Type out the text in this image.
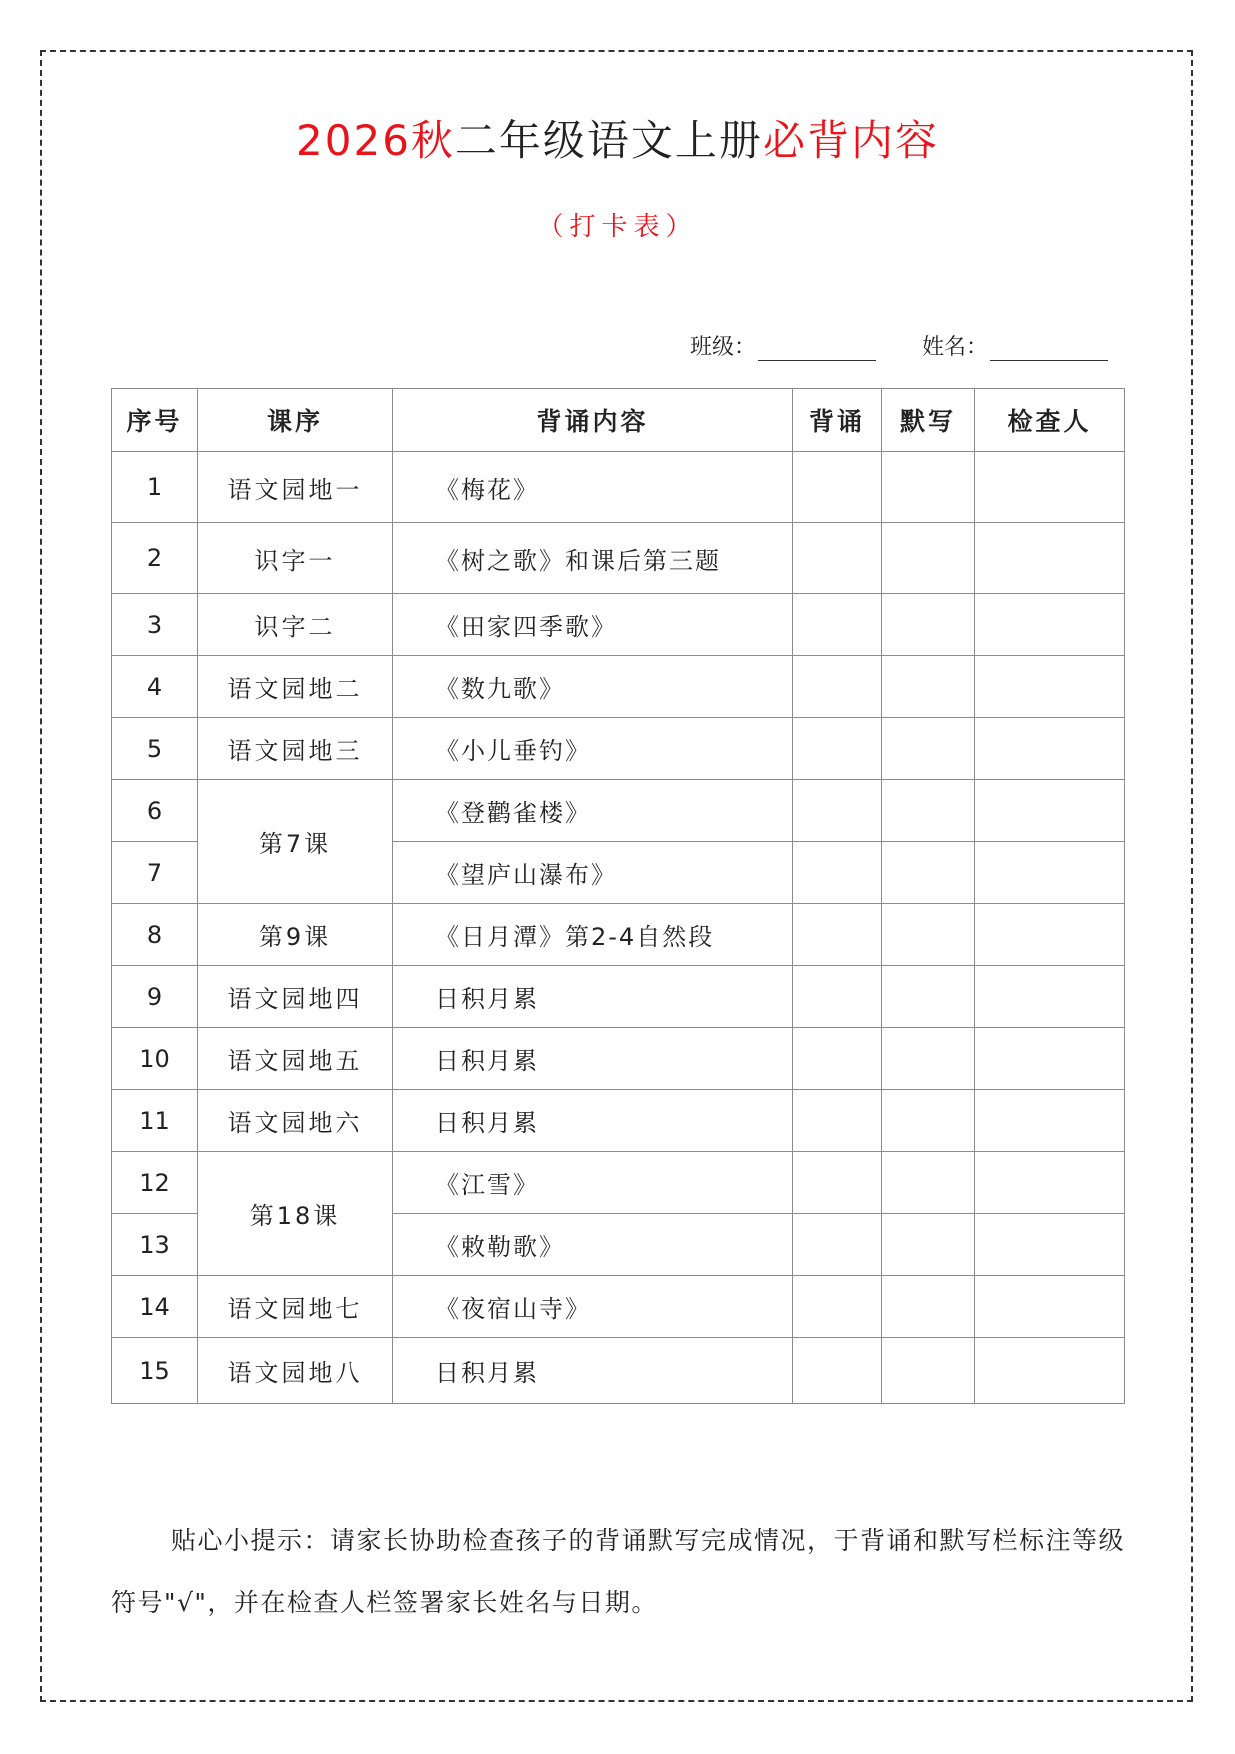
2026秋二年级语文上册必背内容
（打卡表）
班级：	姓名：
序号	课序	背诵内容	背诵	默写	检查人
1	语文园地一	《梅花》			
2	识字一	《树之歌》和课后第三题			
3	识字二	《田家四季歌》			
4	语文园地二	《数九歌》			
5	语文园地三	《小儿垂钓》			
6	第7课	《登鹳雀楼》			
7		《望庐山瀑布》			
8	第9课	《日月潭》第2-4自然段			
9	语文园地四	日积月累			
10	语文园地五	日积月累			
11	语文园地六	日积月累			
12	第18课	《江雪》			
13		《敕勒歌》			
14	语文园地七	《夜宿山寺》			
15	语文园地八	日积月累			
贴心小提示：请家长协助检查孩子的背诵默写完成情况，于背诵和默写栏标注等级符号"√"，并在检查人栏签署家长姓名与日期。
